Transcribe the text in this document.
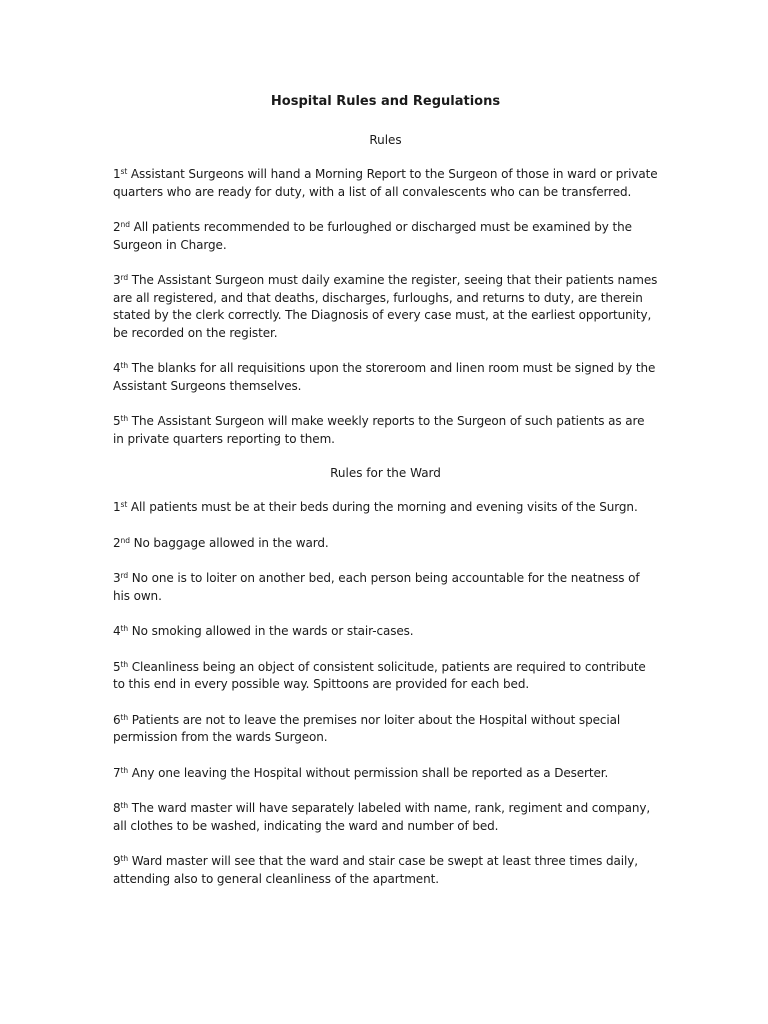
Hospital Rules and Regulations

Rules

1st Assistant Surgeons will hand a Morning Report to the Surgeon of those in ward or private quarters who are ready for duty, with a list of all convalescents who can be transferred.

2nd All patients recommended to be furloughed or discharged must be examined by the Surgeon in Charge.

3rd The Assistant Surgeon must daily examine the register, seeing that their patients names are all registered, and that deaths, discharges, furloughs, and returns to duty, are therein stated by the clerk correctly. The Diagnosis of every case must, at the earliest opportunity, be recorded on the register.

4th The blanks for all requisitions upon the storeroom and linen room must be signed by the Assistant Surgeons themselves.

5th The Assistant Surgeon will make weekly reports to the Surgeon of such patients as are in private quarters reporting to them.

Rules for the Ward

1st All patients must be at their beds during the morning and evening visits of the Surgn.

2nd No baggage allowed in the ward.

3rd No one is to loiter on another bed, each person being accountable for the neatness of his own.

4th No smoking allowed in the wards or stair-cases.

5th Cleanliness being an object of consistent solicitude, patients are required to contribute to this end in every possible way. Spittoons are provided for each bed.

6th Patients are not to leave the premises nor loiter about the Hospital without special permission from the wards Surgeon.

7th Any one leaving the Hospital without permission shall be reported as a Deserter.

8th The ward master will have separately labeled with name, rank, regiment and company, all clothes to be washed, indicating the ward and number of bed.

9th Ward master will see that the ward and stair case be swept at least three times daily, attending also to general cleanliness of the apartment.
